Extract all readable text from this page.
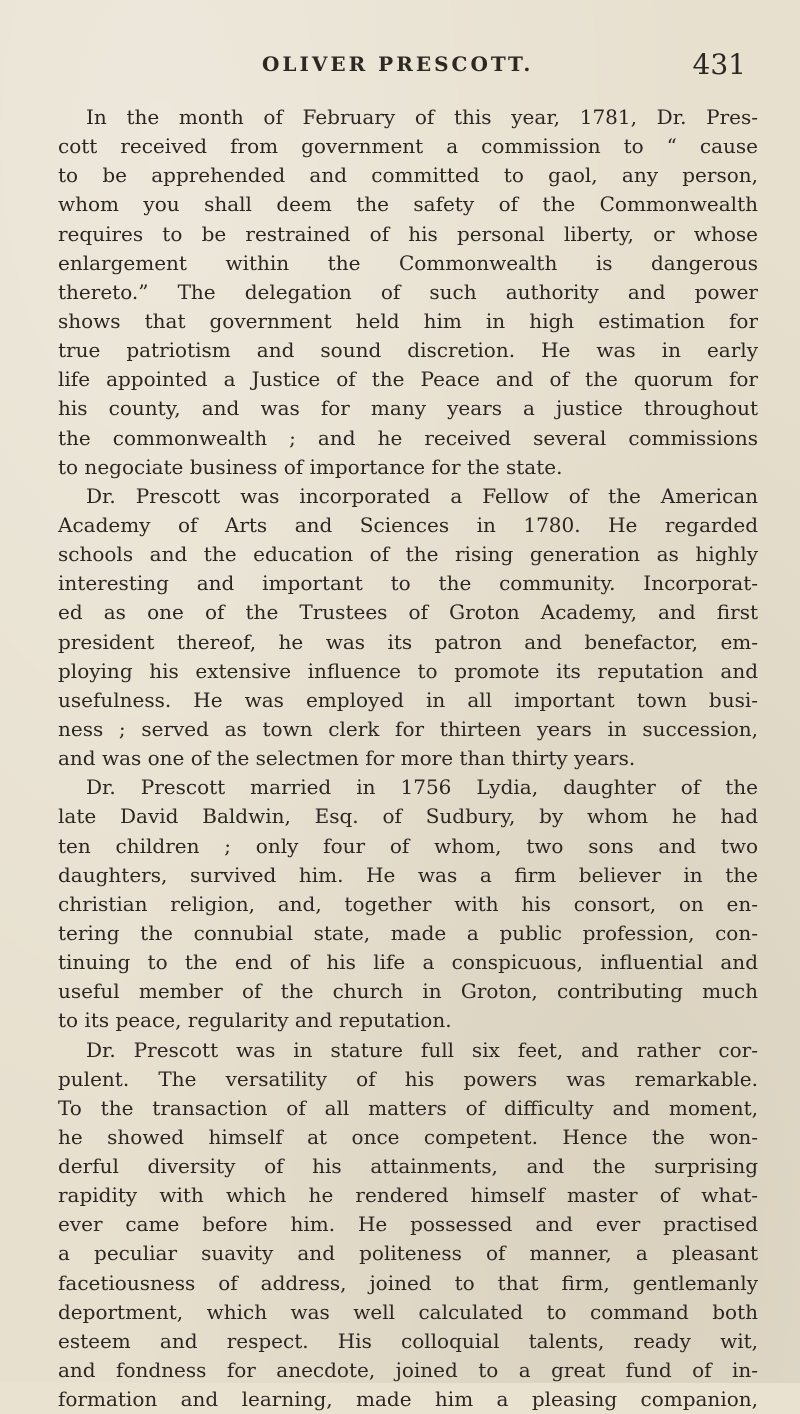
OLIVER PRESCOTT.	431
In the month of February of this year, 1781, Dr. Pres-
cott received from government a commission to “ cause
to be apprehended and committed to gaol, any person,
whom you shall deem the safety of the Commonwealth
requires to be restrained of his personal liberty, or whose
enlargement within the Commonwealth is dangerous
thereto.” The delegation of such authority and power
shows that government held him in high estimation for
true patriotism and sound discretion. He was in early
life appointed a Justice of the Peace and of the quorum for
his county, and was for many years a justice throughout
the commonwealth ; and he received several commissions
to negociate business of importance for the state.
Dr. Prescott was incorporated a Fellow of the American
Academy of Arts and Sciences in 1780. He regarded
schools and the education of the rising generation as highly
interesting and important to the community. Incorporat-
ed as one of the Trustees of Groton Academy, and first
president thereof, he was its patron and benefactor, em-
ploying his extensive influence to promote its reputation and
usefulness. He was employed in all important town busi-
ness ; served as town clerk for thirteen years in succession,
and was one of the selectmen for more than thirty years.
Dr. Prescott married in 1756 Lydia, daughter of the
late David Baldwin, Esq. of Sudbury, by whom he had
ten children ; only four of whom, two sons and two
daughters, survived him. He was a firm believer in the
christian religion, and, together with his consort, on en-
tering the connubial state, made a public profession, con-
tinuing to the end of his life a conspicuous, influential and
useful member of the church in Groton, contributing much
to its peace, regularity and reputation.
Dr. Prescott was in stature full six feet, and rather cor-
pulent. The versatility of his powers was remarkable.
To the transaction of all matters of difficulty and moment,
he showed himself at once competent. Hence the won-
derful diversity of his attainments, and the surprising
rapidity with which he rendered himself master of what-
ever came before him. He possessed and ever practised
a peculiar suavity and politeness of manner, a pleasant
facetiousness of address, joined to that firm, gentlemanly
deportment, which was well calculated to command both
esteem and respect. His colloquial talents, ready wit,
and fondness for anecdote, joined to a great fund of in-
formation and learning, made him a pleasing companion,
